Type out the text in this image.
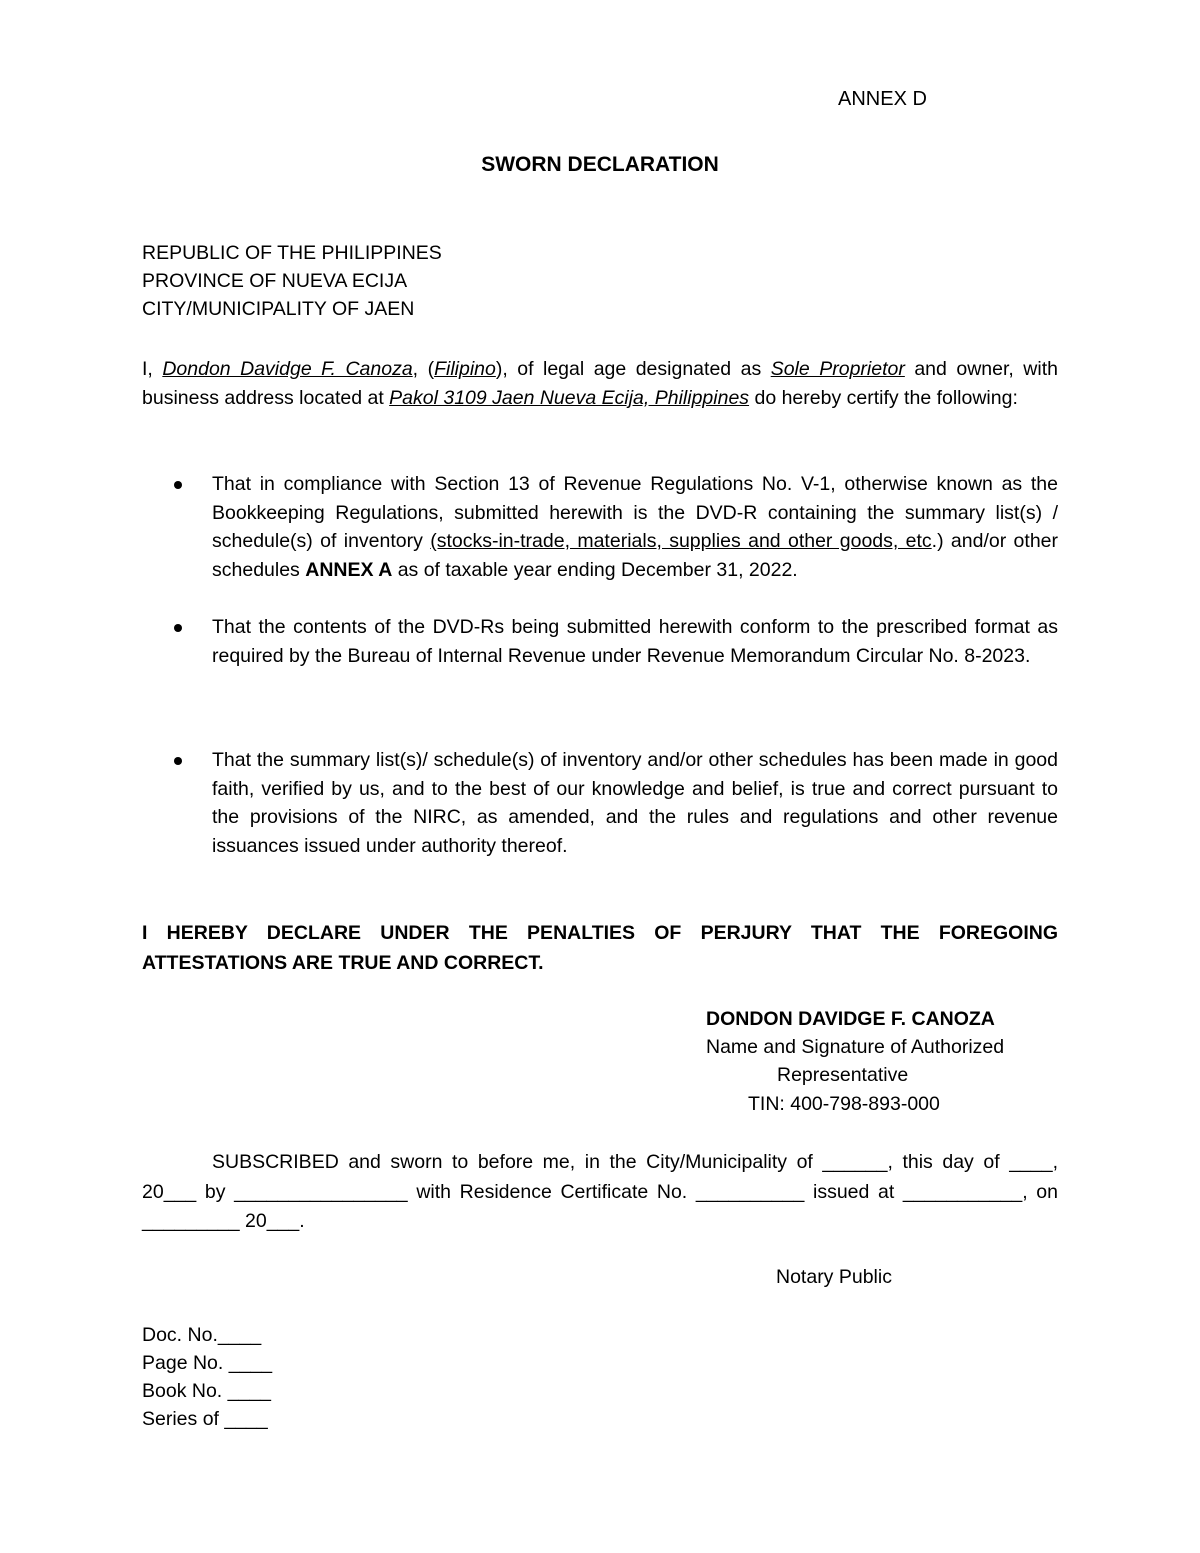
ANNEX D
SWORN DECLARATION
REPUBLIC OF THE PHILIPPINES
PROVINCE OF NUEVA ECIJA
CITY/MUNICIPALITY OF JAEN
I, Dondon Davidge F. Canoza, (Filipino), of legal age designated as Sole Proprietor and owner, with business address located at Pakol 3109 Jaen Nueva Ecija, Philippines do hereby certify the following:
That in compliance with Section 13 of Revenue Regulations No. V-1, otherwise known as the Bookkeeping Regulations, submitted herewith is the DVD-R containing the summary list(s) / schedule(s) of inventory (stocks-in-trade, materials, supplies and other goods, etc.) and/or other schedules ANNEX A as of taxable year ending December 31, 2022.
That the contents of the DVD-Rs being submitted herewith conform to the prescribed format as required by the Bureau of Internal Revenue under Revenue Memorandum Circular No. 8-2023.
That the summary list(s)/ schedule(s) of inventory and/or other schedules has been made in good faith, verified by us, and to the best of our knowledge and belief, is true and correct pursuant to the provisions of the NIRC, as amended, and the rules and regulations and other revenue issuances issued under authority thereof.
I HEREBY DECLARE UNDER THE PENALTIES OF PERJURY THAT THE FOREGOING ATTESTATIONS ARE TRUE AND CORRECT.
DONDON DAVIDGE F. CANOZA
Name and Signature of Authorized
Representative
TIN: 400-798-893-000
SUBSCRIBED and sworn to before me, in the City/Municipality of ______, this day of ____, 20___ by ________________ with Residence Certificate No. __________ issued at ___________, on _________ 20___.
Notary Public
Doc. No.____
Page No. ____
Book No. ____
Series of ____
